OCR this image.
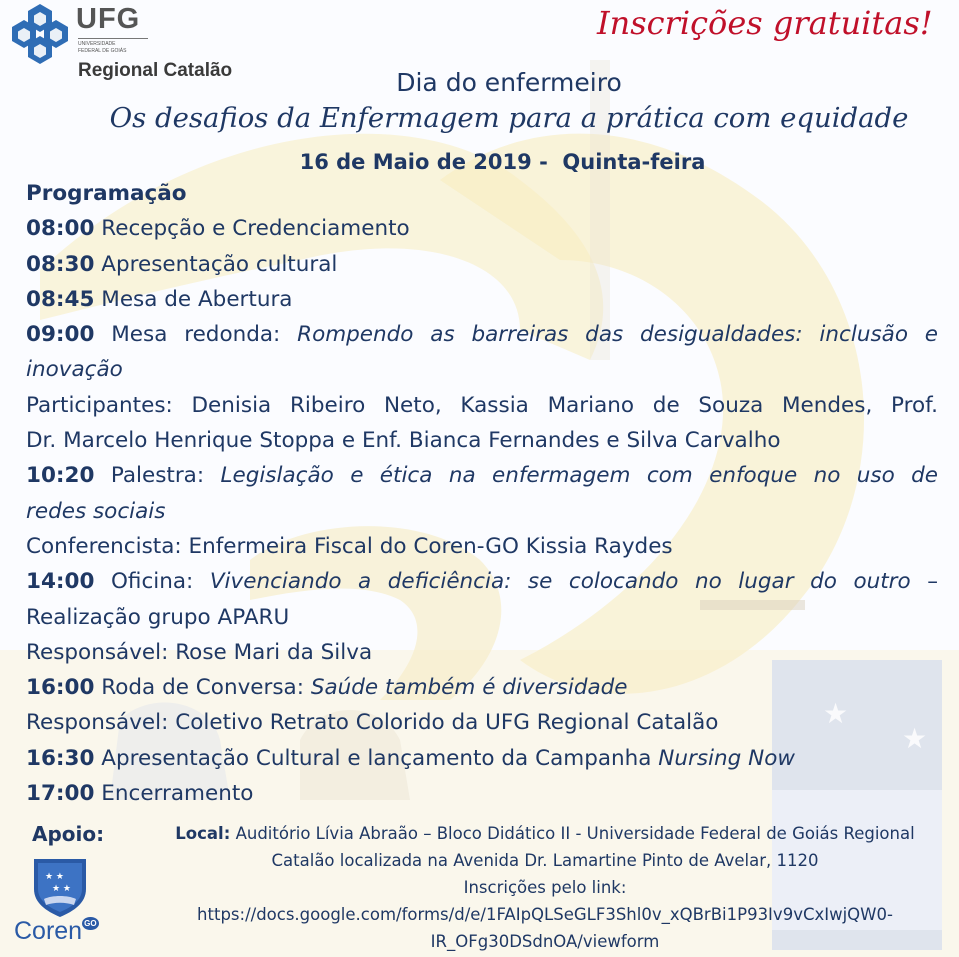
★
★
UFG
UNIVERSIDADE
FEDERAL DE GOIÁS
Regional Catalão
Inscrições gratuitas!
Dia do enfermeiro
Os desafios da Enfermagem para a prática com equidade
16 de Maio de 2019 -  Quinta-feira
Programação
08:00 Recepção e Credenciamento
08:30 Apresentação cultural
08:45 Mesa de Abertura
09:00 Mesa redonda: Rompendo as barreiras das desigualdades: inclusão e
inovação
Participantes: Denisia Ribeiro Neto, Kassia Mariano de Souza Mendes, Prof.
Dr. Marcelo Henrique Stoppa e Enf. Bianca Fernandes e Silva Carvalho
10:20 Palestra: Legislação e ética na enfermagem com enfoque no uso de
redes sociais
Conferencista: Enfermeira Fiscal do Coren-GO Kissia Raydes
14:00 Oficina: Vivenciando a deficiência: se colocando no lugar do outro –
Realização grupo APARU
Responsável: Rose Mari da Silva
16:00 Roda de Conversa: Saúde também é diversidade
Responsável: Coletivo Retrato Colorido da UFG Regional Catalão
16:30 Apresentação Cultural e lançamento da Campanha Nursing Now
17:00 Encerramento
Apoio:
★ ★
★ ★
Coren $^{GO}$
Local: Auditório Lívia Abraão – Bloco Didático II - Universidade Federal de Goiás Regional
Catalão localizada na Avenida Dr. Lamartine Pinto de Avelar, 1120
Inscrições pelo link:
https://docs.google.com/forms/d/e/1FAIpQLSeGLF3Shl0v_xQBrBi1P93Iv9vCxIwjQW0-
IR_OFg30DSdnOA/viewform
